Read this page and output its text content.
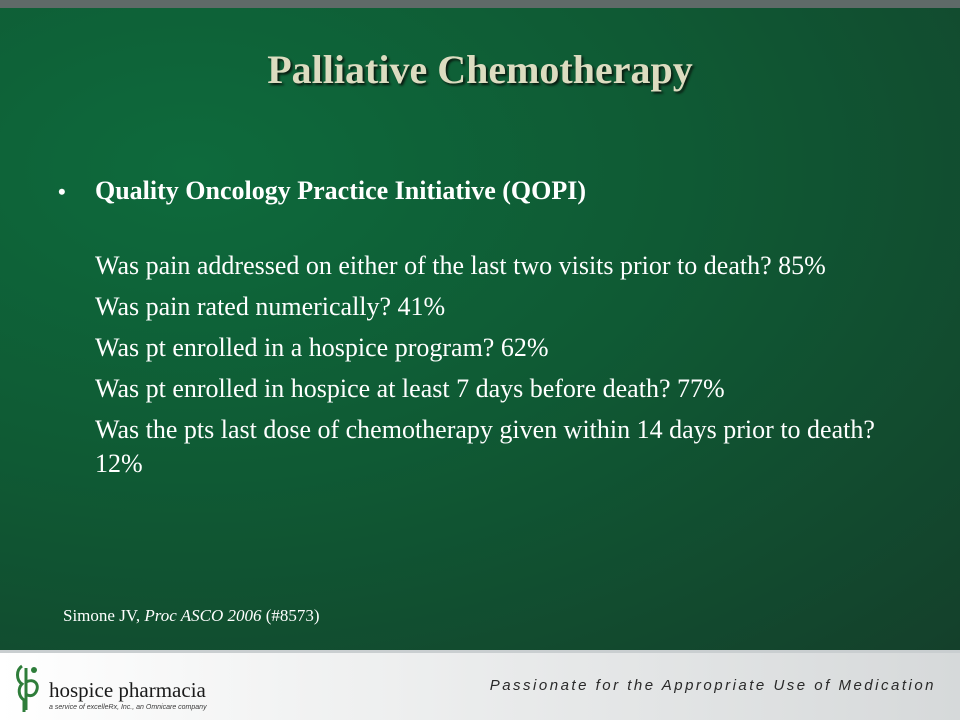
Palliative Chemotherapy
•	Quality Oncology Practice Initiative (QOPI)
Was pain addressed on either of the last two visits prior to death? 85%
Was pain rated numerically? 41%
Was pt enrolled in a hospice program? 62%
Was pt enrolled in hospice at least 7 days before death? 77%
Was the pts last dose of chemotherapy given within 14 days prior to death? 12%
Simone JV, Proc ASCO 2006 (#8573)
hospice pharmacia
a service of excelleRx, Inc., an Omnicare company
Passionate for the Appropriate Use of Medication
